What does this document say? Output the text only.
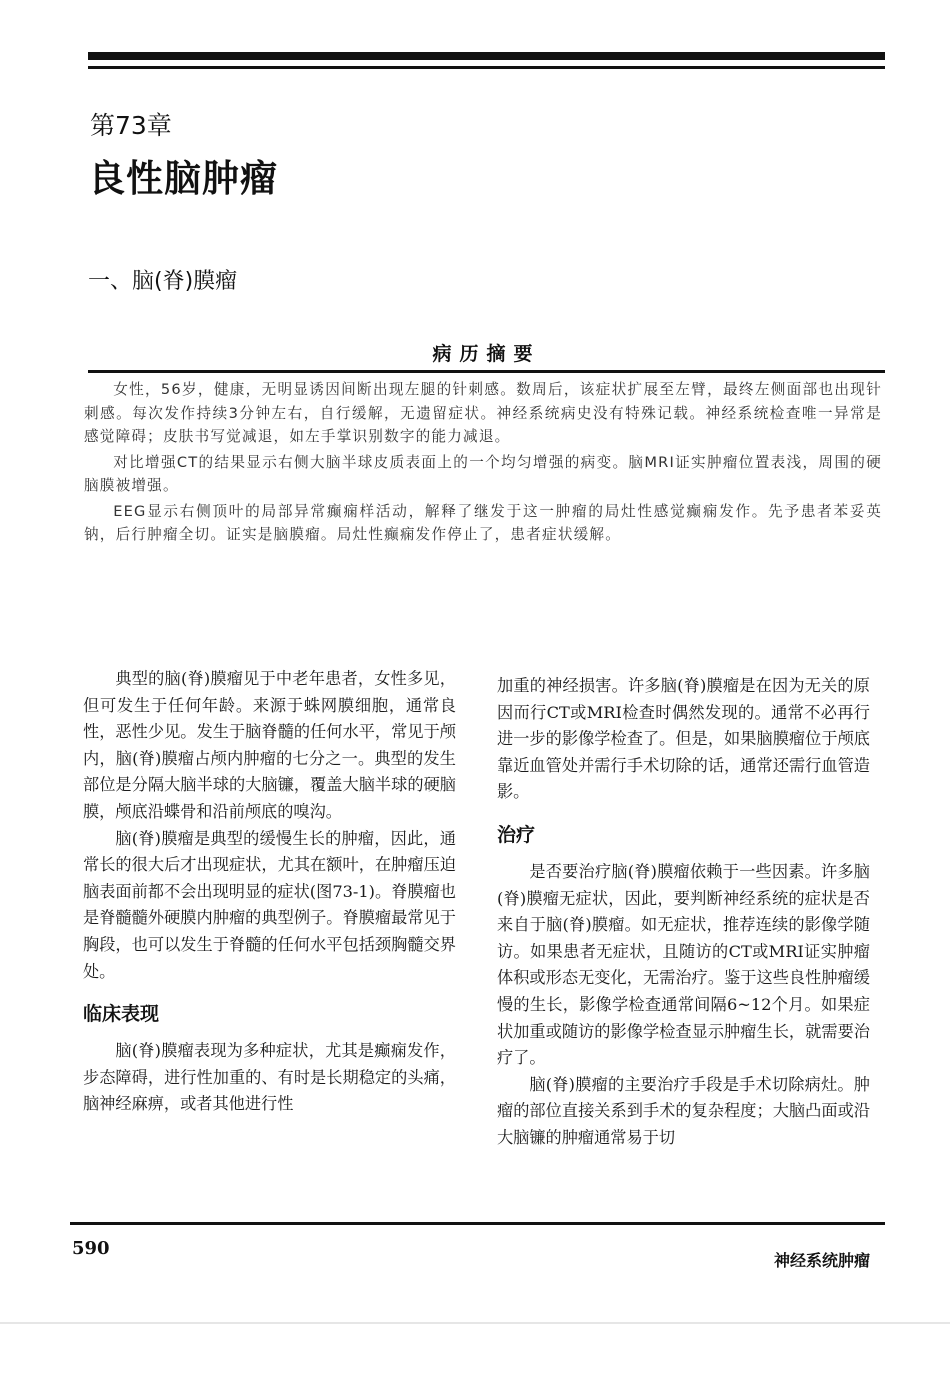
第73章
良性脑肿瘤
一、脑(脊)膜瘤
病历摘要

女性，56岁，健康，无明显诱因间断出现左腿的针刺感。数周后，该症状扩展至左臂，最终左侧面部也出现针刺感。每次发作持续3分钟左右，自行缓解，无遗留症状。神经系统病史没有特殊记载。神经系统检查唯一异常是感觉障碍；皮肤书写觉减退，如左手掌识别数字的能力减退。

对比增强CT的结果显示右侧大脑半球皮质表面上的一个均匀增强的病变。脑MRI证实肿瘤位置表浅，周围的硬脑膜被增强。

EEG显示右侧顶叶的局部异常癫痫样活动，解释了继发于这一肿瘤的局灶性感觉癫痫发作。先予患者苯妥英钠，后行肿瘤全切。证实是脑膜瘤。局灶性癫痫发作停止了，患者症状缓解。

典型的脑(脊)膜瘤见于中老年患者，女性多见，但可发生于任何年龄。来源于蛛网膜细胞，通常良性，恶性少见。发生于脑脊髓的任何水平，常见于颅内，脑(脊)膜瘤占颅内肿瘤的七分之一。典型的发生部位是分隔大脑半球的大脑镰，覆盖大脑半球的硬脑膜，颅底沿蝶骨和沿前颅底的嗅沟。

脑(脊)膜瘤是典型的缓慢生长的肿瘤，因此，通常长的很大后才出现症状，尤其在额叶，在肿瘤压迫脑表面前都不会出现明显的症状(图73-1)。脊膜瘤也是脊髓髓外硬膜内肿瘤的典型例子。脊膜瘤最常见于胸段，也可以发生于脊髓的任何水平包括颈胸髓交界处。

临床表现

脑(脊)膜瘤表现为多种症状，尤其是癫痫发作，步态障碍，进行性加重的、有时是长期稳定的头痛，脑神经麻痹，或者其他进行性

加重的神经损害。许多脑(脊)膜瘤是在因为无关的原因而行CT或MRI检查时偶然发现的。通常不必再行进一步的影像学检查了。但是，如果脑膜瘤位于颅底靠近血管处并需行手术切除的话，通常还需行血管造影。

治疗

是否要治疗脑(脊)膜瘤依赖于一些因素。许多脑(脊)膜瘤无症状，因此，要判断神经系统的症状是否来自于脑(脊)膜瘤。如无症状，推荐连续的影像学随访。如果患者无症状，且随访的CT或MRI证实肿瘤体积或形态无变化，无需治疗。鉴于这些良性肿瘤缓慢的生长，影像学检查通常间隔6~12个月。如果症状加重或随访的影像学检查显示肿瘤生长，就需要治疗了。

脑(脊)膜瘤的主要治疗手段是手术切除病灶。肿瘤的部位直接关系到手术的复杂程度；大脑凸面或沿大脑镰的肿瘤通常易于切

590
神经系统肿瘤
